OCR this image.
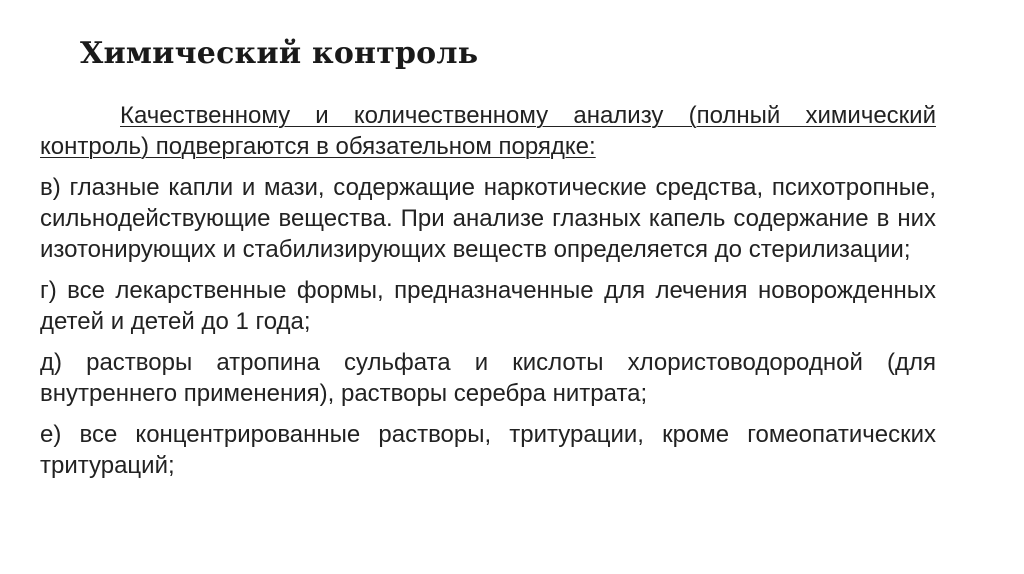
Химический контроль

Качественному и количественному анализу (полный химический контроль) подвергаются в обязательном порядке:

в) глазные капли и мази, содержащие наркотические средства, психотропные, сильнодействующие вещества. При анализе глазных капель содержание в них изотонирующих и стабилизирующих веществ определяется до стерилизации;

г) все лекарственные формы, предназначенные для лечения новорожденных детей и детей до 1 года;

д) растворы атропина сульфата и кислоты хлористоводородной (для внутреннего применения), растворы серебра нитрата;

е) все концентрированные растворы, тритурации, кроме гомеопатических тритураций;
